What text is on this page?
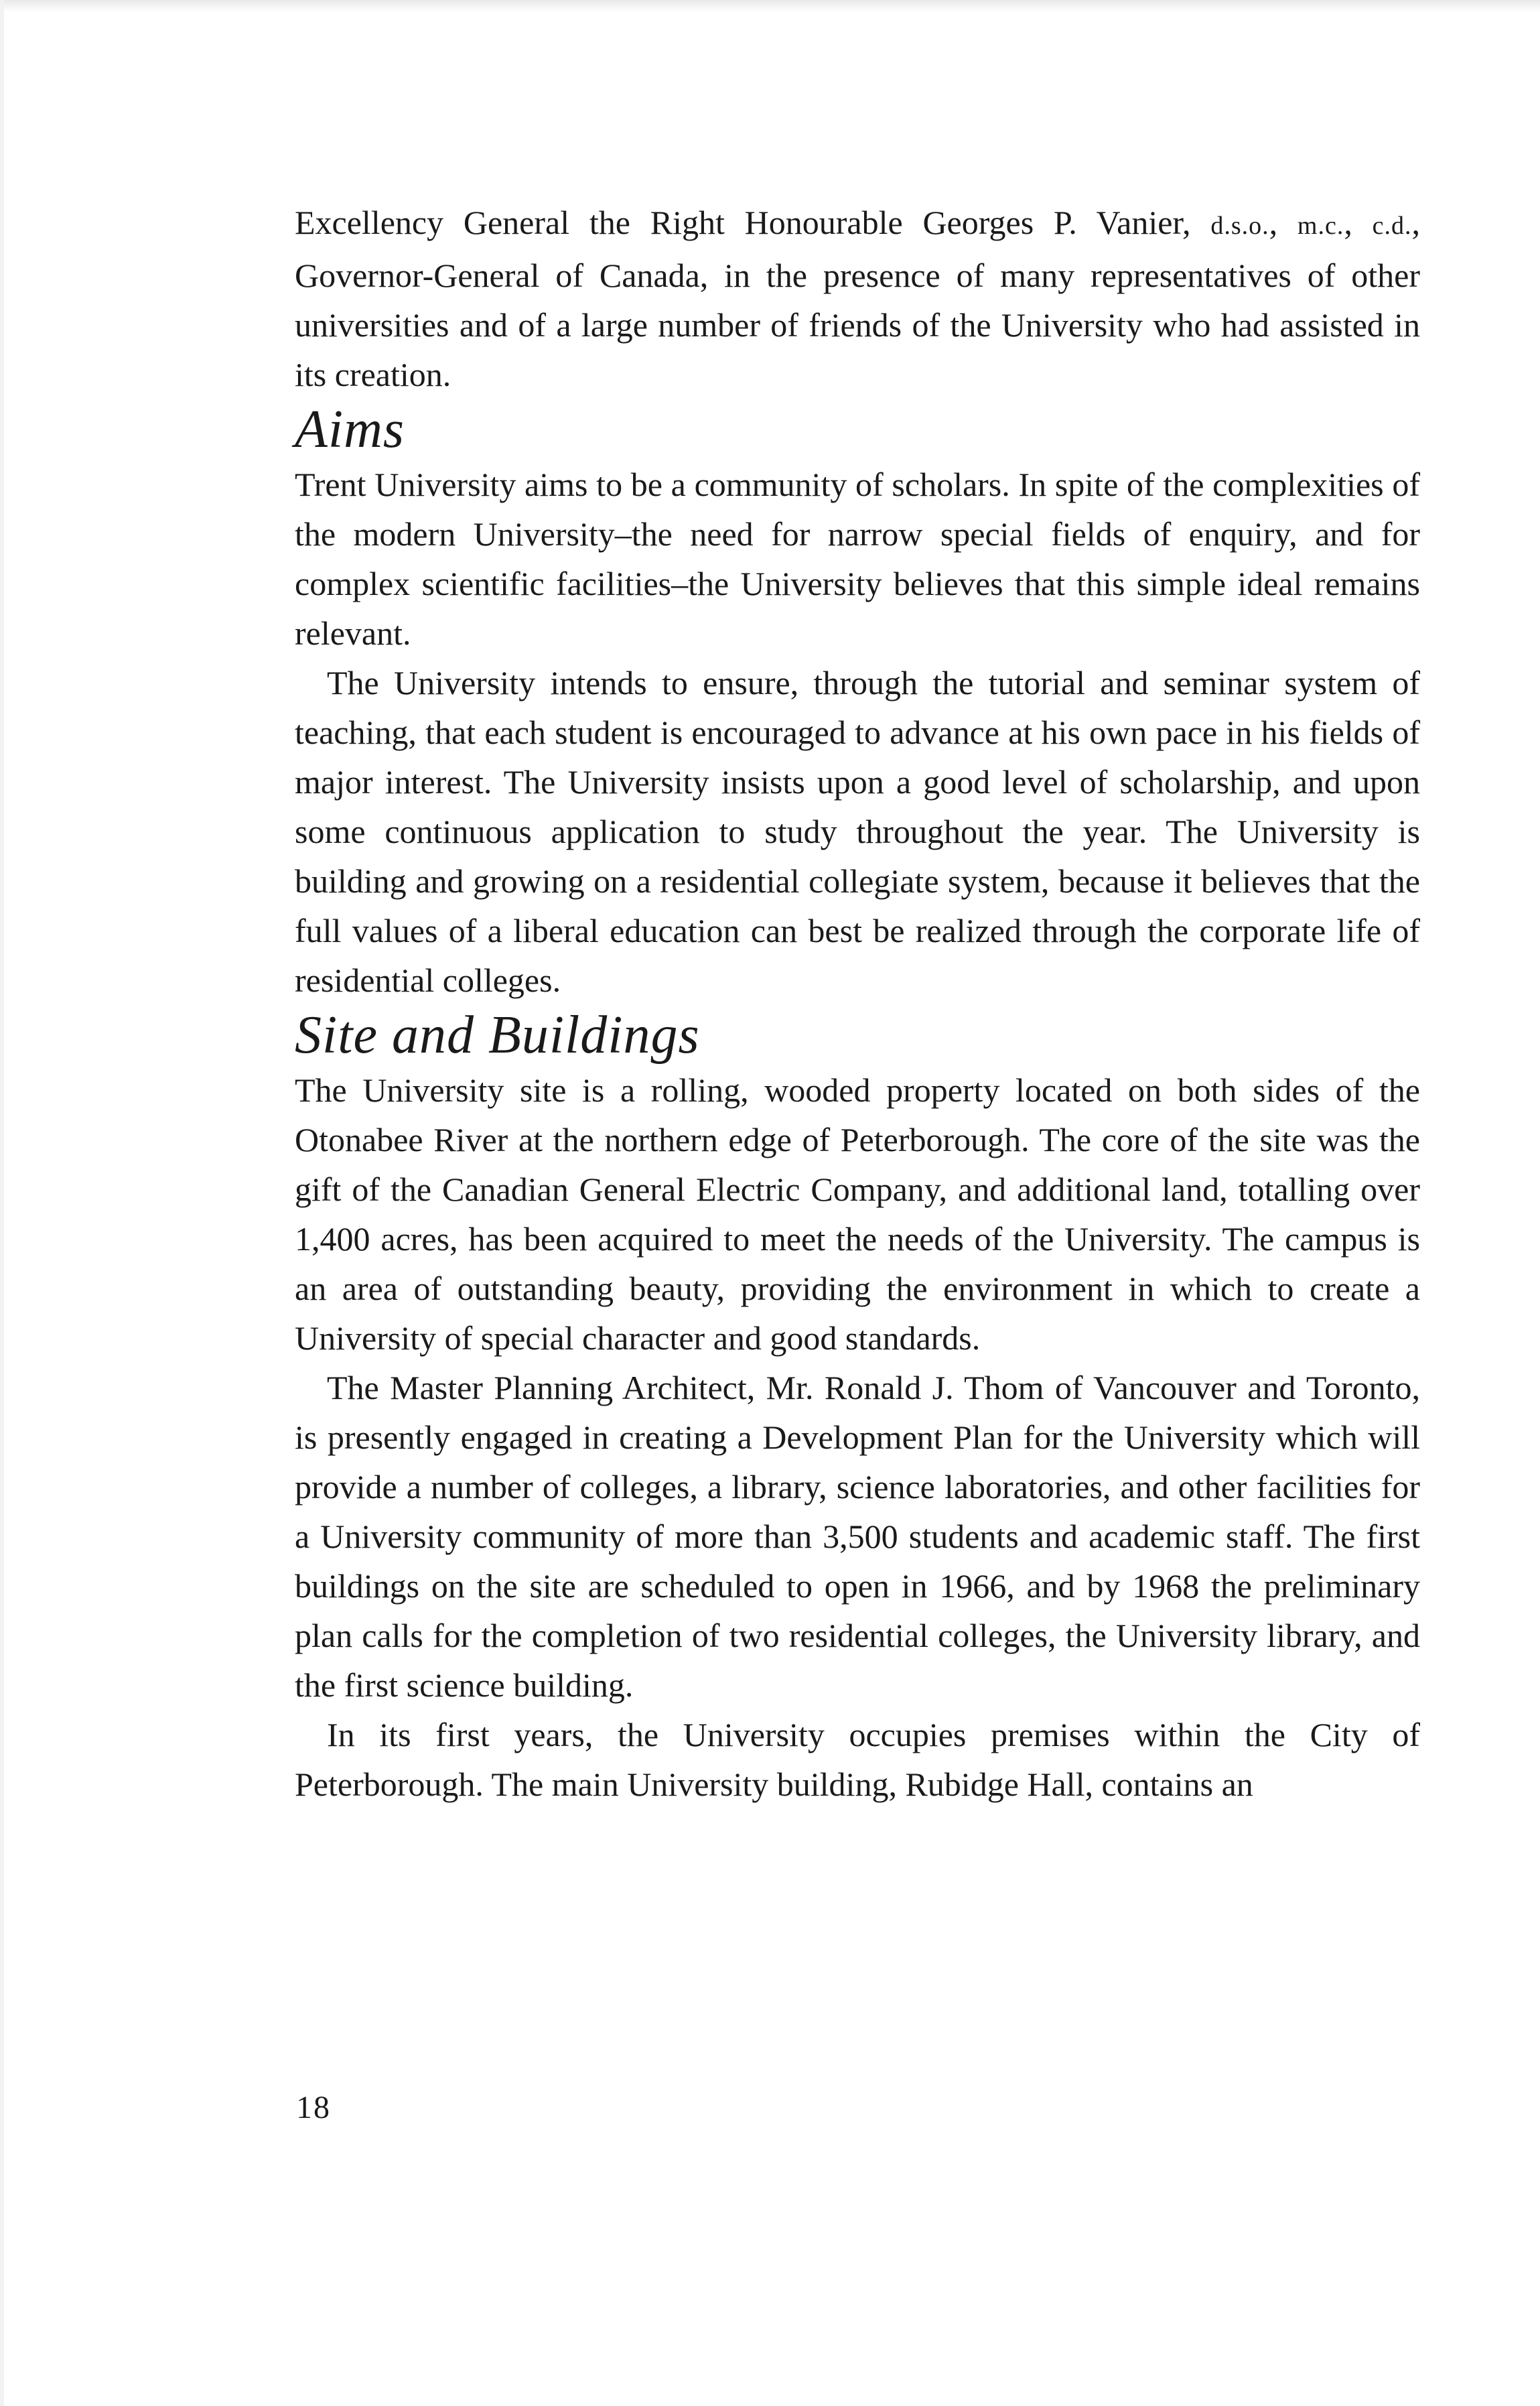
Excellency General the Right Honourable Georges P. Vanier, d.s.o., m.c., c.d., Governor-General of Canada, in the presence of many representatives of other universities and of a large number of friends of the University who had assisted in its creation.

Aims

Trent University aims to be a community of scholars. In spite of the complexities of the modern University–the need for narrow special fields of enquiry, and for complex scientific facilities–the University believes that this simple ideal remains relevant.

The University intends to ensure, through the tutorial and seminar system of teaching, that each student is encouraged to advance at his own pace in his fields of major interest. The University insists upon a good level of scholarship, and upon some continuous application to study throughout the year. The University is building and growing on a residential collegiate system, because it believes that the full values of a liberal education can best be realized through the corporate life of residential colleges.

Site and Buildings

The University site is a rolling, wooded property located on both sides of the Otonabee River at the northern edge of Peterborough. The core of the site was the gift of the Canadian General Electric Company, and additional land, totalling over 1,400 acres, has been acquired to meet the needs of the University. The campus is an area of outstanding beauty, providing the environment in which to create a University of special character and good standards.

The Master Planning Architect, Mr. Ronald J. Thom of Vancouver and Toronto, is presently engaged in creating a Development Plan for the University which will provide a number of colleges, a library, science laboratories, and other facilities for a University community of more than 3,500 students and academic staff. The first buildings on the site are scheduled to open in 1966, and by 1968 the preliminary plan calls for the completion of two residential colleges, the University library, and the first science building.

In its first years, the University occupies premises within the City of Peterborough. The main University building, Rubidge Hall, contains an

18
